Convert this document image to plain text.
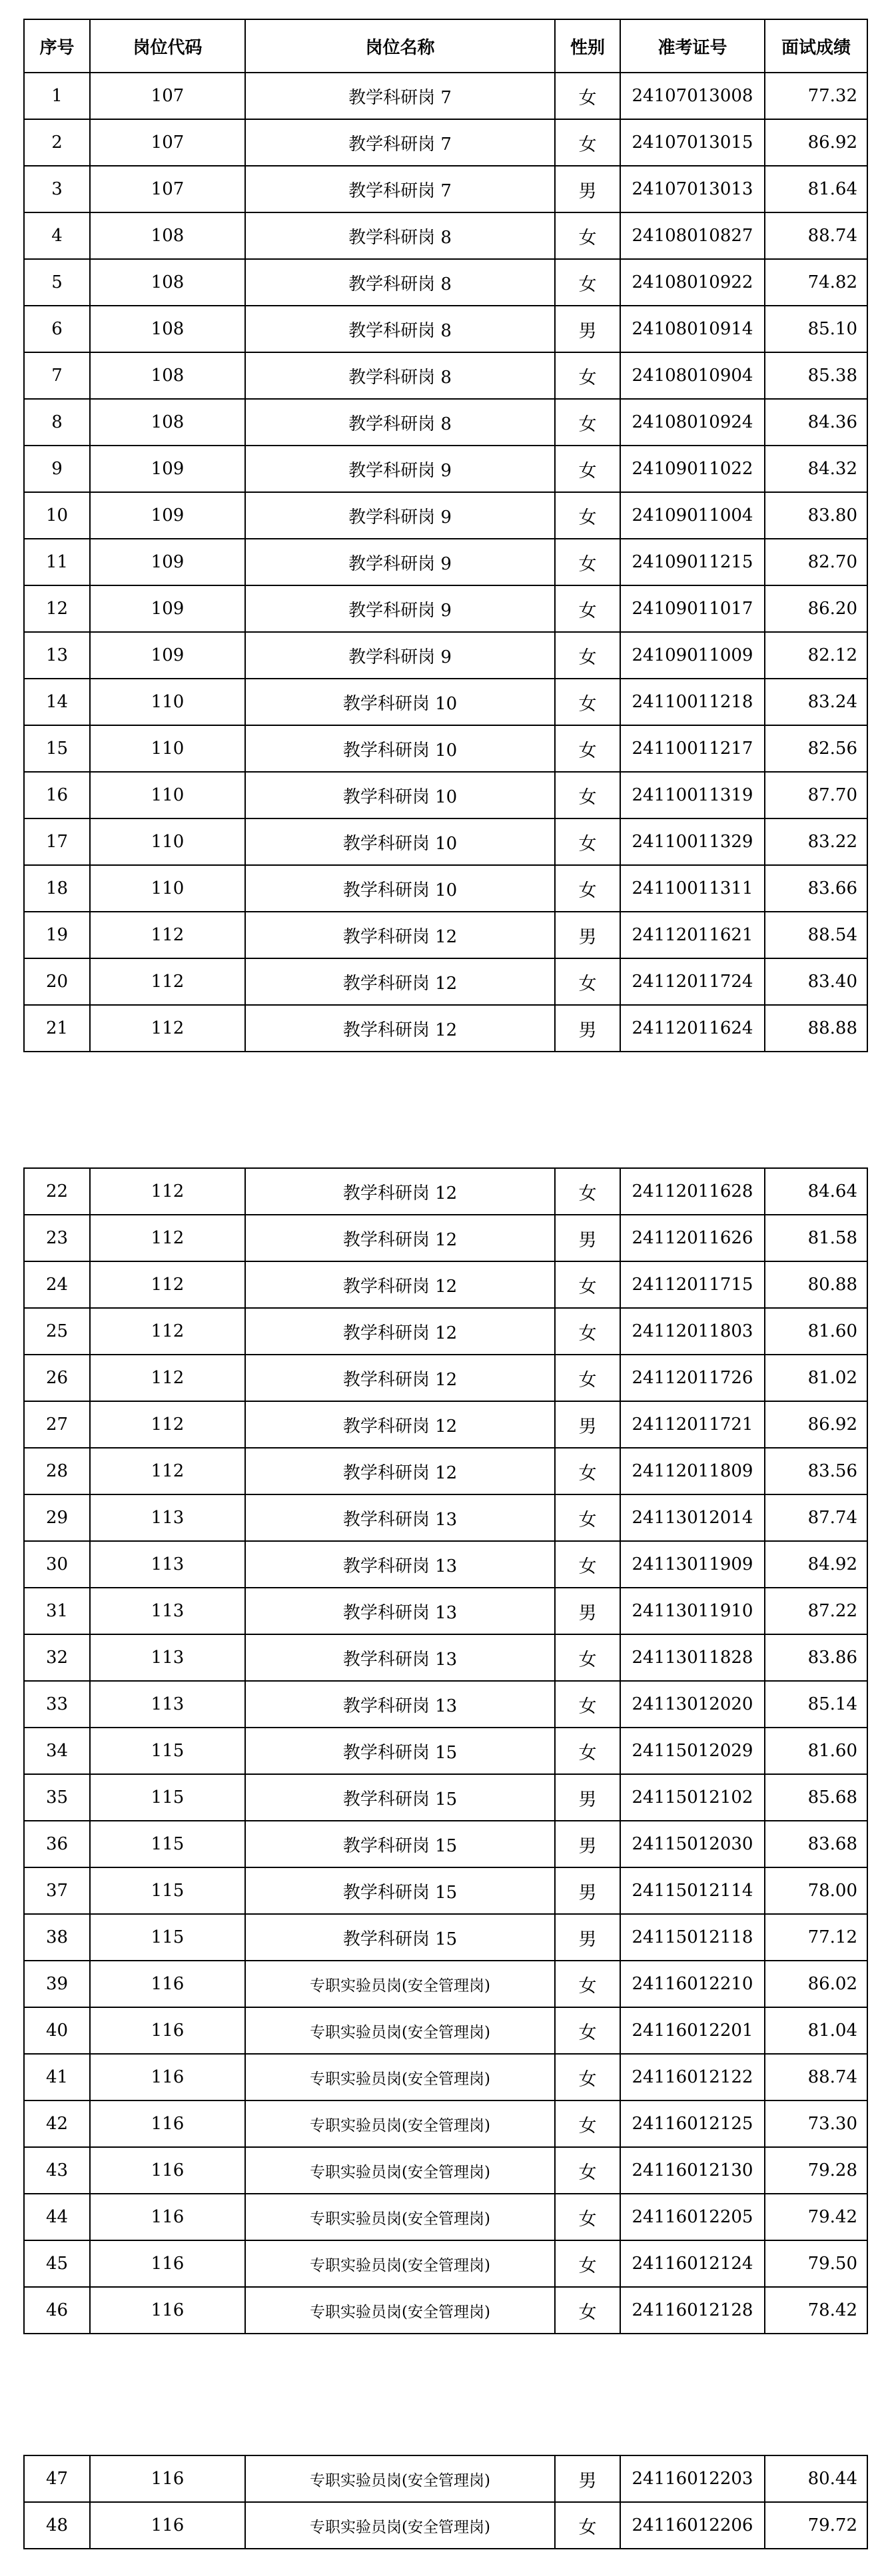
序号	岗位代码	岗位名称	性别	准考证号	面试成绩
1	107	教学科研岗 7	女	24107013008	77.32
2	107	教学科研岗 7	女	24107013015	86.92
3	107	教学科研岗 7	男	24107013013	81.64
4	108	教学科研岗 8	女	24108010827	88.74
5	108	教学科研岗 8	女	24108010922	74.82
6	108	教学科研岗 8	男	24108010914	85.10
7	108	教学科研岗 8	女	24108010904	85.38
8	108	教学科研岗 8	女	24108010924	84.36
9	109	教学科研岗 9	女	24109011022	84.32
10	109	教学科研岗 9	女	24109011004	83.80
11	109	教学科研岗 9	女	24109011215	82.70
12	109	教学科研岗 9	女	24109011017	86.20
13	109	教学科研岗 9	女	24109011009	82.12
14	110	教学科研岗 10	女	24110011218	83.24
15	110	教学科研岗 10	女	24110011217	82.56
16	110	教学科研岗 10	女	24110011319	87.70
17	110	教学科研岗 10	女	24110011329	83.22
18	110	教学科研岗 10	女	24110011311	83.66
19	112	教学科研岗 12	男	24112011621	88.54
20	112	教学科研岗 12	女	24112011724	83.40
21	112	教学科研岗 12	男	24112011624	88.88
22	112	教学科研岗 12	女	24112011628	84.64
23	112	教学科研岗 12	男	24112011626	81.58
24	112	教学科研岗 12	女	24112011715	80.88
25	112	教学科研岗 12	女	24112011803	81.60
26	112	教学科研岗 12	女	24112011726	81.02
27	112	教学科研岗 12	男	24112011721	86.92
28	112	教学科研岗 12	女	24112011809	83.56
29	113	教学科研岗 13	女	24113012014	87.74
30	113	教学科研岗 13	女	24113011909	84.92
31	113	教学科研岗 13	男	24113011910	87.22
32	113	教学科研岗 13	女	24113011828	83.86
33	113	教学科研岗 13	女	24113012020	85.14
34	115	教学科研岗 15	女	24115012029	81.60
35	115	教学科研岗 15	男	24115012102	85.68
36	115	教学科研岗 15	男	24115012030	83.68
37	115	教学科研岗 15	男	24115012114	78.00
38	115	教学科研岗 15	男	24115012118	77.12
39	116	专职实验员岗(安全管理岗)	女	24116012210	86.02
40	116	专职实验员岗(安全管理岗)	女	24116012201	81.04
41	116	专职实验员岗(安全管理岗)	女	24116012122	88.74
42	116	专职实验员岗(安全管理岗)	女	24116012125	73.30
43	116	专职实验员岗(安全管理岗)	女	24116012130	79.28
44	116	专职实验员岗(安全管理岗)	女	24116012205	79.42
45	116	专职实验员岗(安全管理岗)	女	24116012124	79.50
46	116	专职实验员岗(安全管理岗)	女	24116012128	78.42
47	116	专职实验员岗(安全管理岗)	男	24116012203	80.44
48	116	专职实验员岗(安全管理岗)	女	24116012206	79.72
